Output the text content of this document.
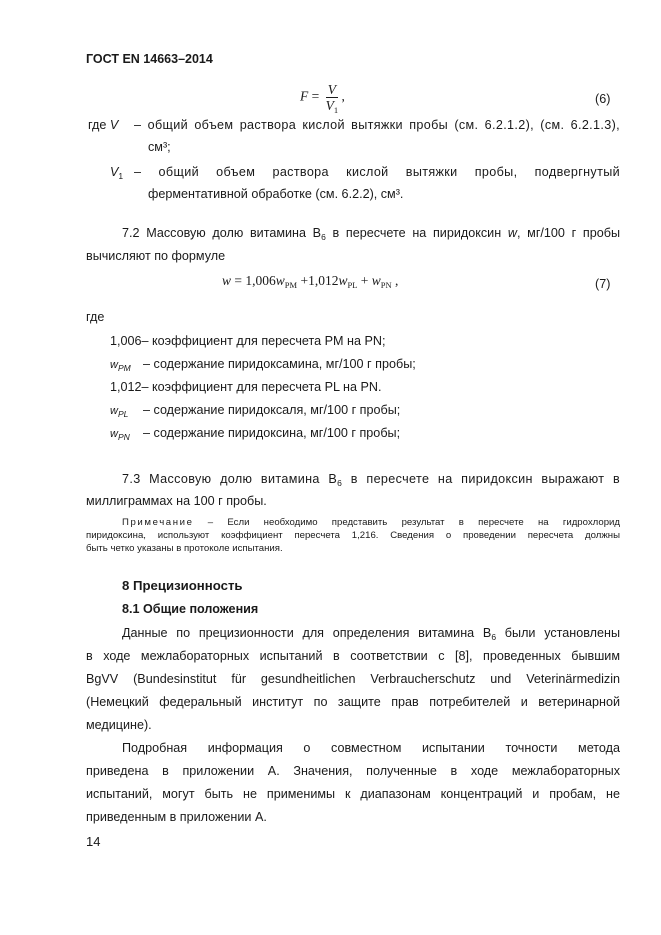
ГОСТ EN 14663–2014
$F = \frac{V}{V_1}$ ,	(6)
где V – общий объем раствора кислой вытяжки пробы (см. 6.2.1.2), (см. 6.2.1.3),
см³;
$V_1$ – общий объем раствора кислой вытяжки пробы, подвергнутый
ферментативной обработке (см. 6.2.2), см³.
7.2 Массовую долю витамина $В_6$ в пересчете на пиридоксин w, мг/100 г пробы
вычисляют по формуле
$w = 1,006w_{PM} +1,012w_{PL} + w_{PN}$ ,	(7)
где
1,006– коэффициент для пересчета PM на PN;
$w_{PM}$ – содержание пиридоксамина, мг/100 г пробы;
1,012– коэффициент для пересчета PL на PN.
$w_{PL}$ – содержание пиридоксаля, мг/100 г пробы;
$w_{PN}$ – содержание пиридоксина, мг/100 г пробы;
7.3 Массовую долю витамина $В_6$ в пересчете на пиридоксин выражают в
миллиграммах на 100 г пробы.
Примечание – Если необходимо представить результат в пересчете на гидрохлорид
пиридоксина, используют коэффициент пересчета 1,216. Сведения о проведении пересчета должны
быть четко указаны в протоколе испытания.
8 Прецизионность
8.1 Общие положения
Данные по прецизионности для определения витамина $В_6$ были установлены
в ходе межлабораторных испытаний в соответствии с [8], проведенных бывшим
BgVV (Bundesinstitut für gesundheitlichen Verbraucherschutz und Veterinärmedizin
(Немецкий федеральный институт по защите прав потребителей и ветеринарной
медицине).
Подробная информация о совместном испытании точности метода
приведена в приложении А. Значения, полученные в ходе межлабораторных
испытаний, могут быть не применимы к диапазонам концентраций и пробам, не
приведенным в приложении А.
14
